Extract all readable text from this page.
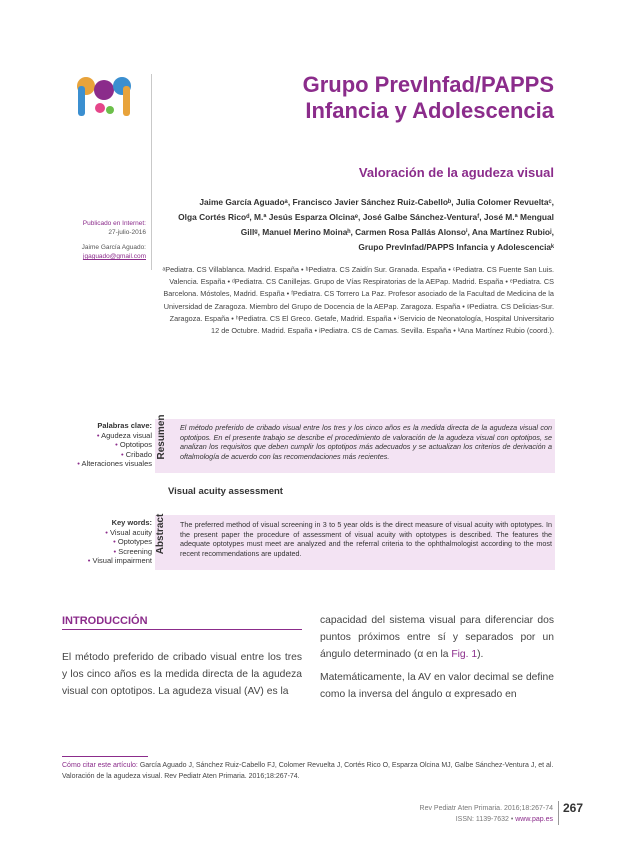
Grupo PrevInfad/PAPPS
Infancia y Adolescencia
Valoración de la agudeza visual
Publicado en Internet:
27-julio-2016
Jaime García Aguado:
jgaguado@gmail.com
Jaime García Aguadoᵃ, Francisco Javier Sánchez Ruiz-Cabelloᵇ, Julia Colomer Revueltaᶜ,
Olga Cortés Ricoᵈ, M.ª Jesús Esparza Olcinaᵉ, José Galbe Sánchez-Venturaᶠ, José M.ª Mengual
Gillᵍ, Manuel Merino Moinaʰ, Carmen Rosa Pallás Alonsoⁱ, Ana Martínez Rubioʲ,
Grupo PrevInfad/PAPPS Infancia y Adolescenciaᵏ
ᵃPediatra. CS Villablanca. Madrid. España • ᵇPediatra. CS Zaidín Sur. Granada. España • ᶜPediatra. CS Fuente San Luis. Valencia. España • ᵈPediatra. CS Canillejas. Grupo de Vías Respiratorias de la AEPap. Madrid. España • ᵉPediatra. CS Barcelona. Móstoles, Madrid. España • ᶠPediatra. CS Torrero La Paz. Profesor asociado de la Facultad de Medicina de la Universidad de Zaragoza. Miembro del Grupo de Docencia de la AEPap. Zaragoza. España • ᵍPediatra. CS Delicias-Sur. Zaragoza. España • ʰPediatra. CS El Greco. Getafe, Madrid. España • ⁱServicio de Neonatología, Hospital Universitario 12 de Octubre. Madrid. España • ʲPediatra. CS de Camas. Sevilla. España • ᵏAna Martínez Rubio (coord.).
Palabras clave:
• Agudeza visual
• Optotipos
• Cribado
• Alteraciones visuales
Resumen El método preferido de cribado visual entre los tres y los cinco años es la medida directa de la agudeza visual con optotipos. En el presente trabajo se describe el procedimiento de valoración de la agudeza visual con optotipos, se analizan los requisitos que deben cumplir los optotipos más adecuados y se actualizan los criterios de derivación a oftalmología de acuerdo con las recomendaciones más recientes.
Visual acuity assessment
Key words:
• Visual acuity
• Optotypes
• Screening
• Visual impairment
Abstract The preferred method of visual screening in 3 to 5 year olds is the direct measure of visual acuity with optotypes. In the present paper the procedure of assessment of visual acuity with optotypes is described. The features the adequate optotypes must meet are analyzed and the referral criteria to the ophthalmologist according to the most recent recommendations are updated.
INTRODUCCIÓN
El método preferido de cribado visual entre los tres y los cinco años es la medida directa de la agudeza visual con optotipos. La agudeza visual (AV) es la

capacidad del sistema visual para diferenciar dos puntos próximos entre sí y separados por un ángulo determinado (α en la Fig. 1).

Matemáticamente, la AV en valor decimal se define como la inversa del ángulo α expresado en

Cómo citar este artículo: García Aguado J, Sánchez Ruiz-Cabello FJ, Colomer Revuelta J, Cortés Rico O, Esparza Olcina MJ, Galbe Sánchez-Ventura J, et al. Valoración de la agudeza visual. Rev Pediatr Aten Primaria. 2016;18:267-74.
Rev Pediatr Aten Primaria. 2016;18:267-74
ISSN: 1139-7632 • www.pap.es
267
